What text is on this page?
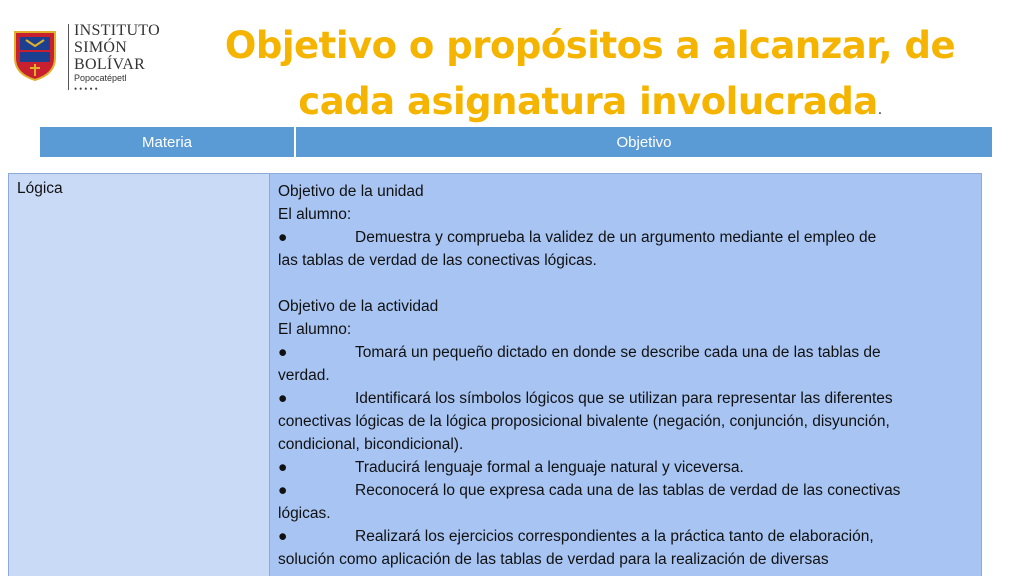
INSTITUTO
SIMÓN
BOLÍVAR
Popocatépetl
•••••
Objetivo o propósitos a alcanzar, de
cada asignatura involucrada.
Materia	Objetivo
Lógica	Objetivo de la unidad
El alumno:
●	Demuestra y comprueba la validez de un argumento mediante el empleo de
las tablas de verdad de las conectivas lógicas.
Objetivo de la actividad
El alumno:
●	Tomará un pequeño dictado en donde se describe cada una de las tablas de
verdad.
●	Identificará los símbolos lógicos que se utilizan para representar las diferentes
conectivas lógicas de la lógica proposicional bivalente (negación, conjunción, disyunción,
condicional, bicondicional).
●	Traducirá lenguaje formal a lenguaje natural y viceversa.
●	Reconocerá lo que expresa cada una de las tablas de verdad de las conectivas
lógicas.
●	Realizará los ejercicios correspondientes a la práctica tanto de elaboración,
solución como aplicación de las tablas de verdad para la realización de diversas
